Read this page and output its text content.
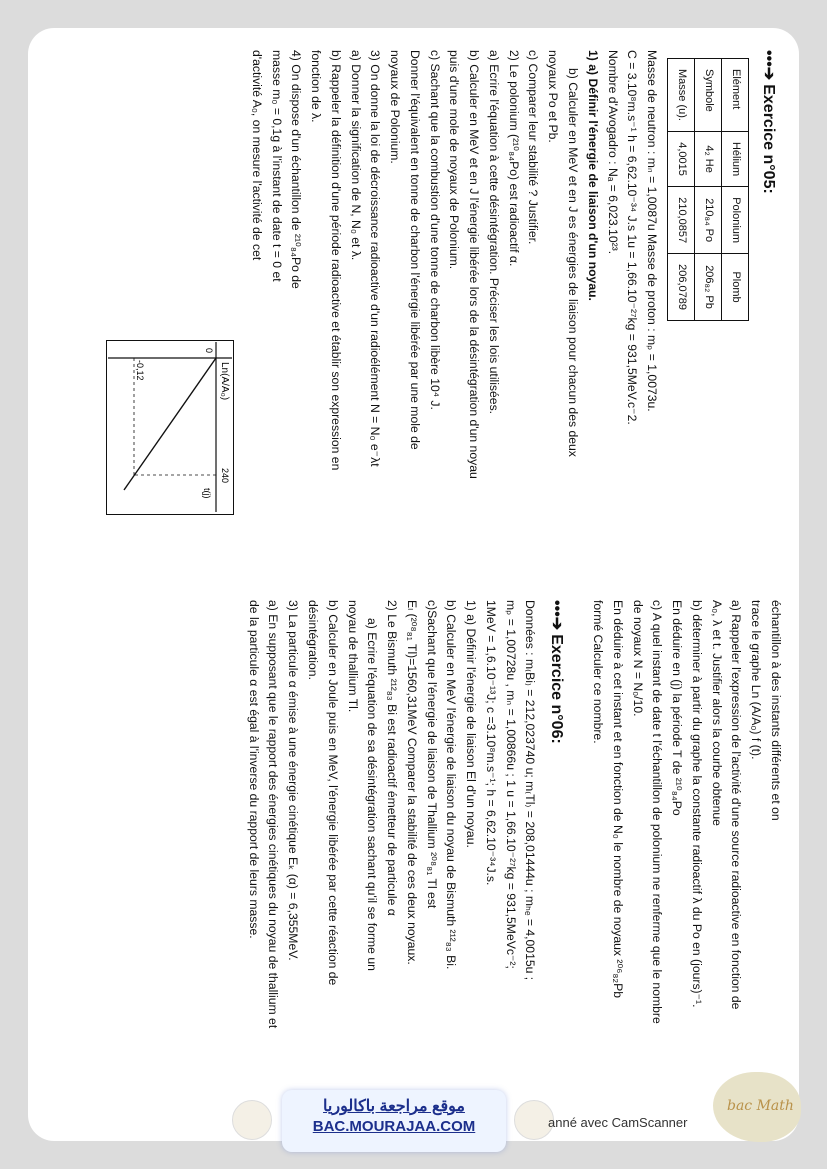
•••➔Exercice n°05:

Elément	Hélium	Polonium	Plomb
Symbole	4₂ He	210₈₄ Po	206₈₂ Pb
Masse (u).	4,0015	210,0857	206,0789

Masse de neutron : mₙ = 1,0087u Masse de proton : mₚ = 1,0073u.

C = 3.10⁸m.s⁻¹ h = 6,62.10⁻³⁴ J.s 1u = 1,66.10⁻²⁷kg = 931,5MeV.c⁻2.

Nombre d'Avogadro : Nₐ = 6,023.10²³.

1) a) Définir l'énergie de liaison d'un noyau.

b) Calculer en MeV et en J es énergies de liaison pour chacun des deux

noyaux Po et Pb.

c) Comparer leur stabilité ? Justifier.

2) Le polonium (²¹⁰₈₄Po) est radioactif α.

a) Ecrire l'équation à cette désintégration. Préciser les lois utilisées.

b) Calculer en MeV et en J l'énergie libérée lors de la désintégration d'un noyau

puis d'une mole de noyaux de Polonium.

c) Sachant que la combustion d'une tonne de charbon libère 10⁴ J.

Donner l'équivalent en tonne de charbon l'énergie libérée par une mole de

noyaux de Polonium.

3) On donne la loi de décroissance radioactive d'un radioélément N = N₀ e⁻λt

a) Donner la signification de N, N₀ et λ.

b) Rappeler la définition d'une période radioactive et établir son expression en

fonction de λ.

4) On dispose d'un échantillon de ²¹⁰₈₄Po de

masse m₀ = 0,1g à l'instant de date t = 0 et

d'activité A₀, on mesure l'activité de cet

Ln(A/A₀)
0
240
-0,12
t(j)

échantillon à des instants différents et on

trace le graphe Ln (A/A₀) f (t).

a) Rappeler l'expression de l'activité d'une source radioactive en fonction de

A₀, λ et t. Justifier alors la courbe obtenue

b) déterminer à partir du graphe la constante radioactif λ du Po en (jours)⁻¹.

En déduire en (j) la période T de ²¹⁰₈₄Po

c) A quel instant de date t l'échantillon de polonium ne renferme que le nombre

de noyaux N = N₀/10.

En déduire à cet instant et en fonction de N₀ le nombre de noyaux ²⁰⁶₈₂Pb

formé Calculer ce nombre.

•••➔Exercice n°06:

Données : m₍Bi₎ = 212,023740 u; m₍Tl₎ = 208,01444u ; mₕₑ = 4,0015u ;

mₚ = 1,00728u , mₙ = 1,00866u ; 1 u = 1,66.10⁻²⁷kg = 931,5MeVc⁻²;

1MeV = 1,6.10⁻¹³J; c =3.10⁸m.s⁻¹; h = 6,62.10⁻³⁴J.s.

1) a) Définir l'énergie de liaison El d'un noyau.

b) Calculer en MeV l'énergie de liaison du noyau de Bismuth ²¹²₈₃ Bi.

c)Sachant que l'énergie de liaison de Thallium ²⁰⁸₈₁ Tl est

Eₗ (²⁰⁸₈₁ Tl)=1560,31MeV Comparer la stabilité de ces deux noyaux.

2) Le Bismuth ²¹²₈₃ Bi est radioactif émetteur de particule α

a) Ecrire l'équation de sa désintégration sachant qu'il se forme un

noyau de thallium Tl.

b) Calculer en Joule puis en MeV, l'énergie libérée par cette réaction de

désintégration.

3) La particule α émise à une énergie cinétique Eₖ (α) = 6,355MeV.

a) En supposant que le rapport des énergies cinétiques du noyau de thallium et

de la particule α est égal à l'inverse du rapport de leurs masse.

موقع مراجعة باكالوريا
BAC.MOURAJAA.COM	anné avec CamScanner
bac Math
